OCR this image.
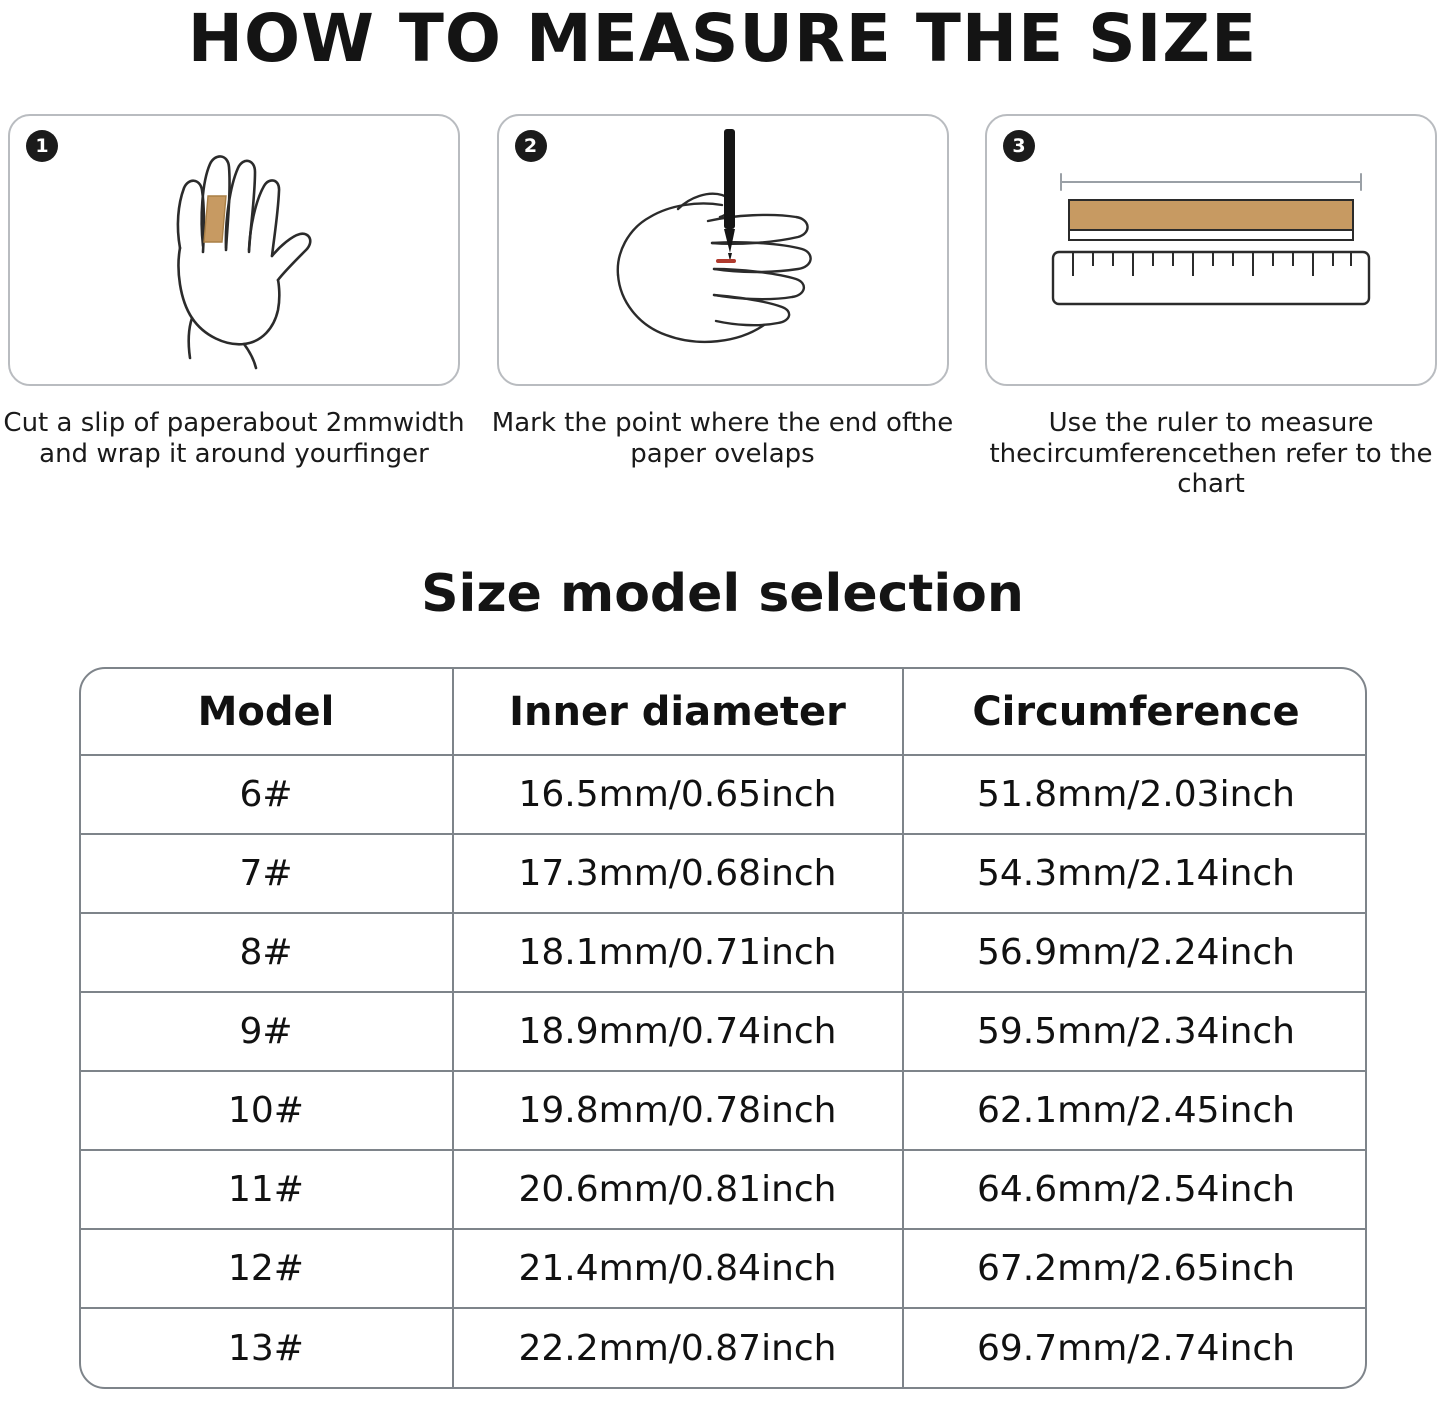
HOW TO MEASURE THE SIZE
1
Cut a slip of paperabout 2mmwidth and wrap it around yourfinger
2
Mark the point where the end ofthe paper ovelaps
3
Use the ruler to measure thecircumferencethen refer to the chart
Size model selection
Model	Inner diameter	Circumference
6#	16.5mm/0.65inch	51.8mm/2.03inch
7#	17.3mm/0.68inch	54.3mm/2.14inch
8#	18.1mm/0.71inch	56.9mm/2.24inch
9#	18.9mm/0.74inch	59.5mm/2.34inch
10#	19.8mm/0.78inch	62.1mm/2.45inch
11#	20.6mm/0.81inch	64.6mm/2.54inch
12#	21.4mm/0.84inch	67.2mm/2.65inch
13#	22.2mm/0.87inch	69.7mm/2.74inch
